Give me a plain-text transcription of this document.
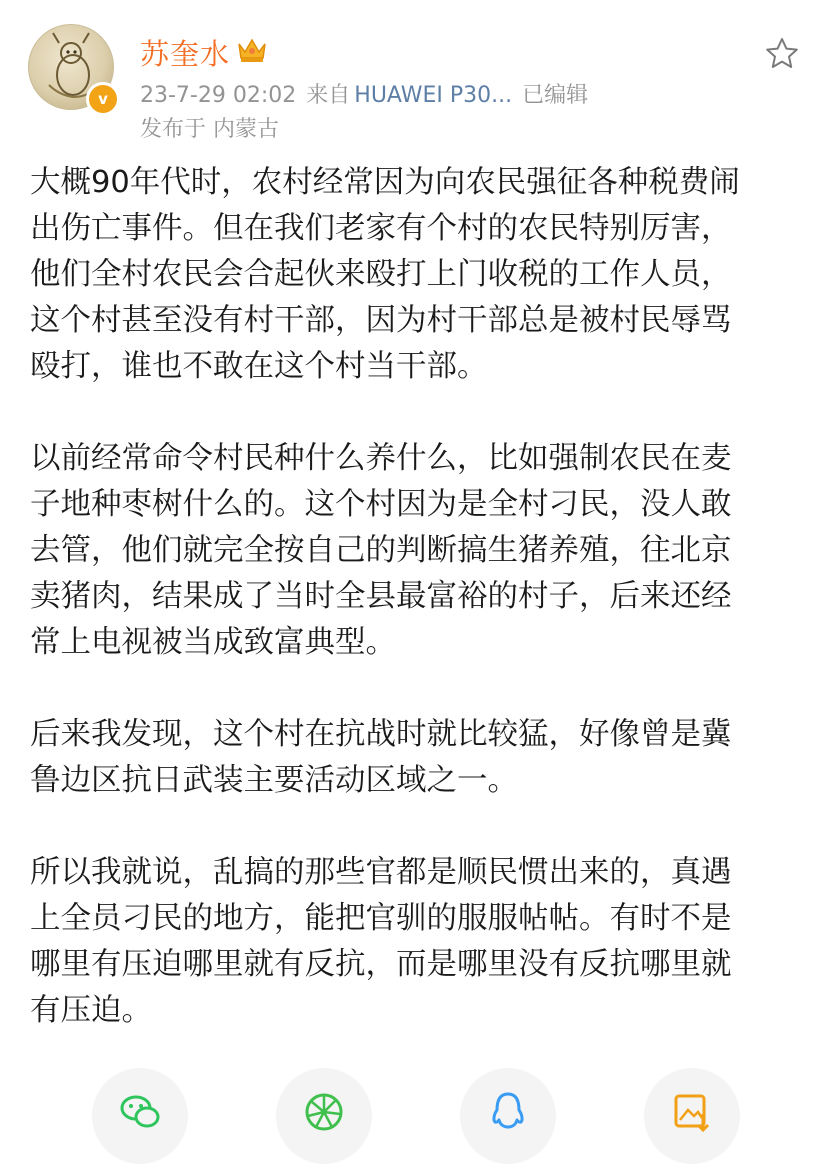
v
苏奎水
23-7-29 02:02 来自 HUAWEI P30... 已编辑
发布于 内蒙古

大概90年代时，农村经常因为向农民强征各种税费闹
出伤亡事件。但在我们老家有个村的农民特别厉害，
他们全村农民会合起伙来殴打上门收税的工作人员，
这个村甚至没有村干部，因为村干部总是被村民辱骂
殴打，谁也不敢在这个村当干部。

以前经常命令村民种什么养什么，比如强制农民在麦
子地种枣树什么的。这个村因为是全村刁民，没人敢
去管，他们就完全按自己的判断搞生猪养殖，往北京
卖猪肉，结果成了当时全县最富裕的村子，后来还经
常上电视被当成致富典型。

后来我发现，这个村在抗战时就比较猛，好像曾是冀
鲁边区抗日武装主要活动区域之一。

所以我就说，乱搞的那些官都是顺民惯出来的，真遇
上全员刁民的地方，能把官驯的服服帖帖。有时不是
哪里有压迫哪里就有反抗，而是哪里没有反抗哪里就
有压迫。
